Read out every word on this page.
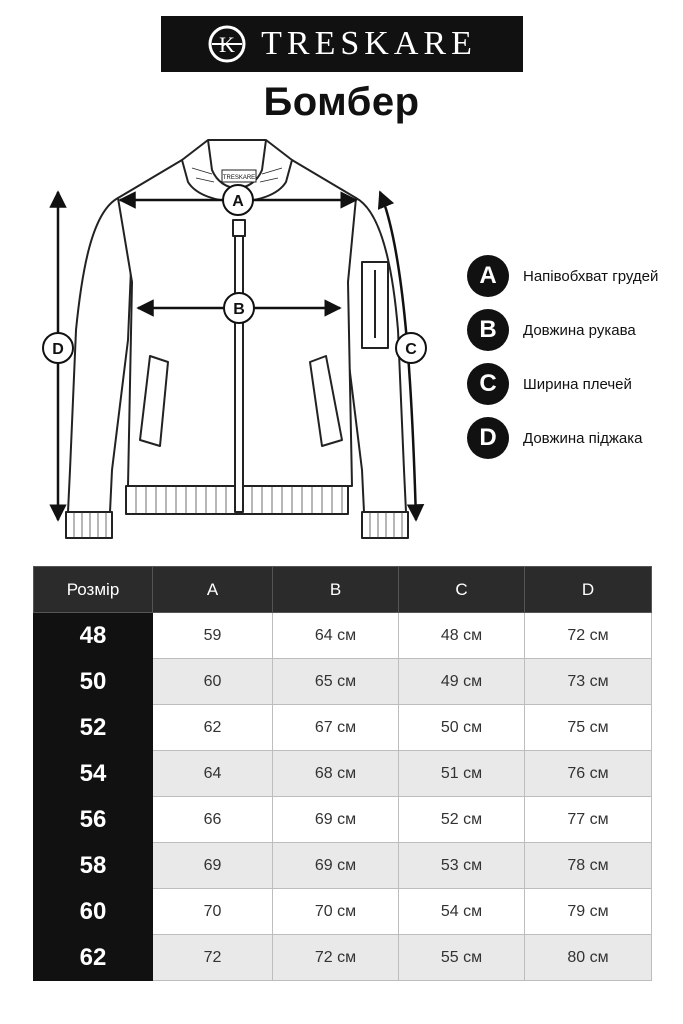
K TRESKARE
Бомбер
TRESKARE
A
B
C
D
A	Напівобхват грудей
B	Довжина рукава
C	Ширина плечей
D	Довжина піджака
Розмір	A	B	C	D
48	59	64 см	48 см	72 см
50	60	65 см	49 см	73 см
52	62	67 см	50 см	75 см
54	64	68 см	51 см	76 см
56	66	69 см	52 см	77 см
58	69	69 см	53 см	78 см
60	70	70 см	54 см	79 см
62	72	72 см	55 см	80 см
